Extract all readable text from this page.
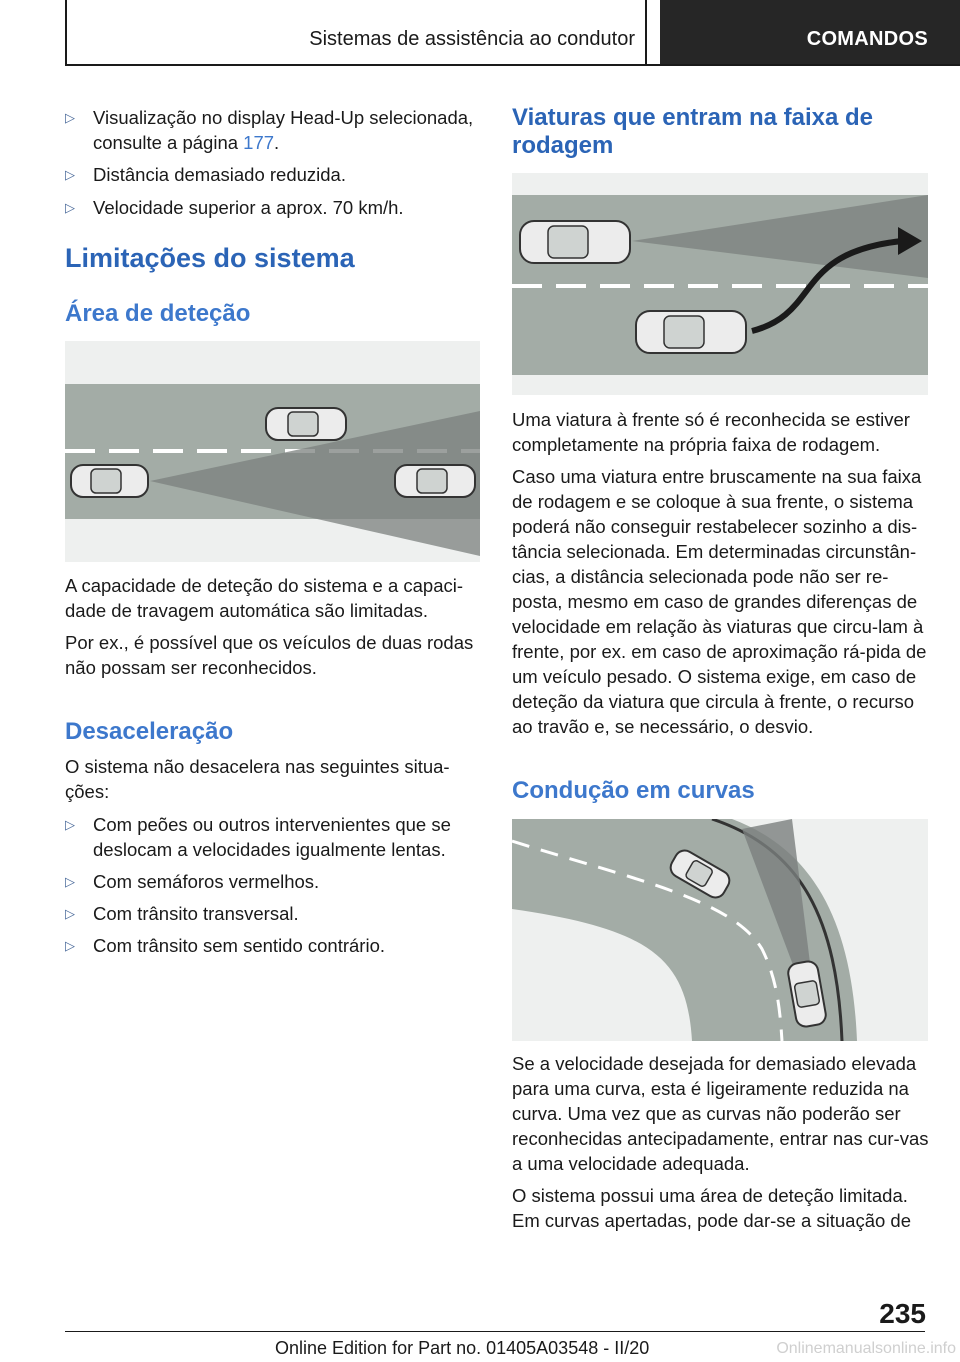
Sistemas de assistência ao condutor	COMANDOS
▷ Visualização no display Head-Up selecionada, consulte a página 177.
▷ Distância demasiado reduzida.
▷ Velocidade superior a aprox. 70 km/h.
Limitações do sistema
Área de deteção

A capacidade de deteção do sistema e a capaci-dade de travagem automática são limitadas.

Por ex., é possível que os veículos de duas rodas não possam ser reconhecidos.

Desaceleração
O sistema não desacelera nas seguintes situa-ções:
▷ Com peões ou outros intervenientes que se deslocam a velocidades igualmente lentas.
▷ Com semáforos vermelhos.
▷ Com trânsito transversal.
▷ Com trânsito sem sentido contrário.
Viaturas que entram na faixa de rodagem

Uma viatura à frente só é reconhecida se estiver completamente na própria faixa de rodagem.

Caso uma viatura entre bruscamente na sua faixa de rodagem e se coloque à sua frente, o sistema poderá não conseguir restabelecer sozinho a dis-tância selecionada. Em determinadas circunstân-cias, a distância selecionada pode não ser re-posta, mesmo em caso de grandes diferenças de velocidade em relação às viaturas que circu-lam à frente, por ex. em caso de aproximação rá-pida de um veículo pesado. O sistema exige, em caso de deteção da viatura que circula à frente, o recurso ao travão e, se necessário, o desvio.

Condução em curvas

Se a velocidade desejada for demasiado elevada para uma curva, esta é ligeiramente reduzida na curva. Uma vez que as curvas não poderão ser reconhecidas antecipadamente, entrar nas cur-vas a uma velocidade adequada.

O sistema possui uma área de deteção limitada. Em curvas apertadas, pode dar-se a situação de

235
Online Edition for Part no. 01405A03548 - II/20	Onlinemanualsonline.info
